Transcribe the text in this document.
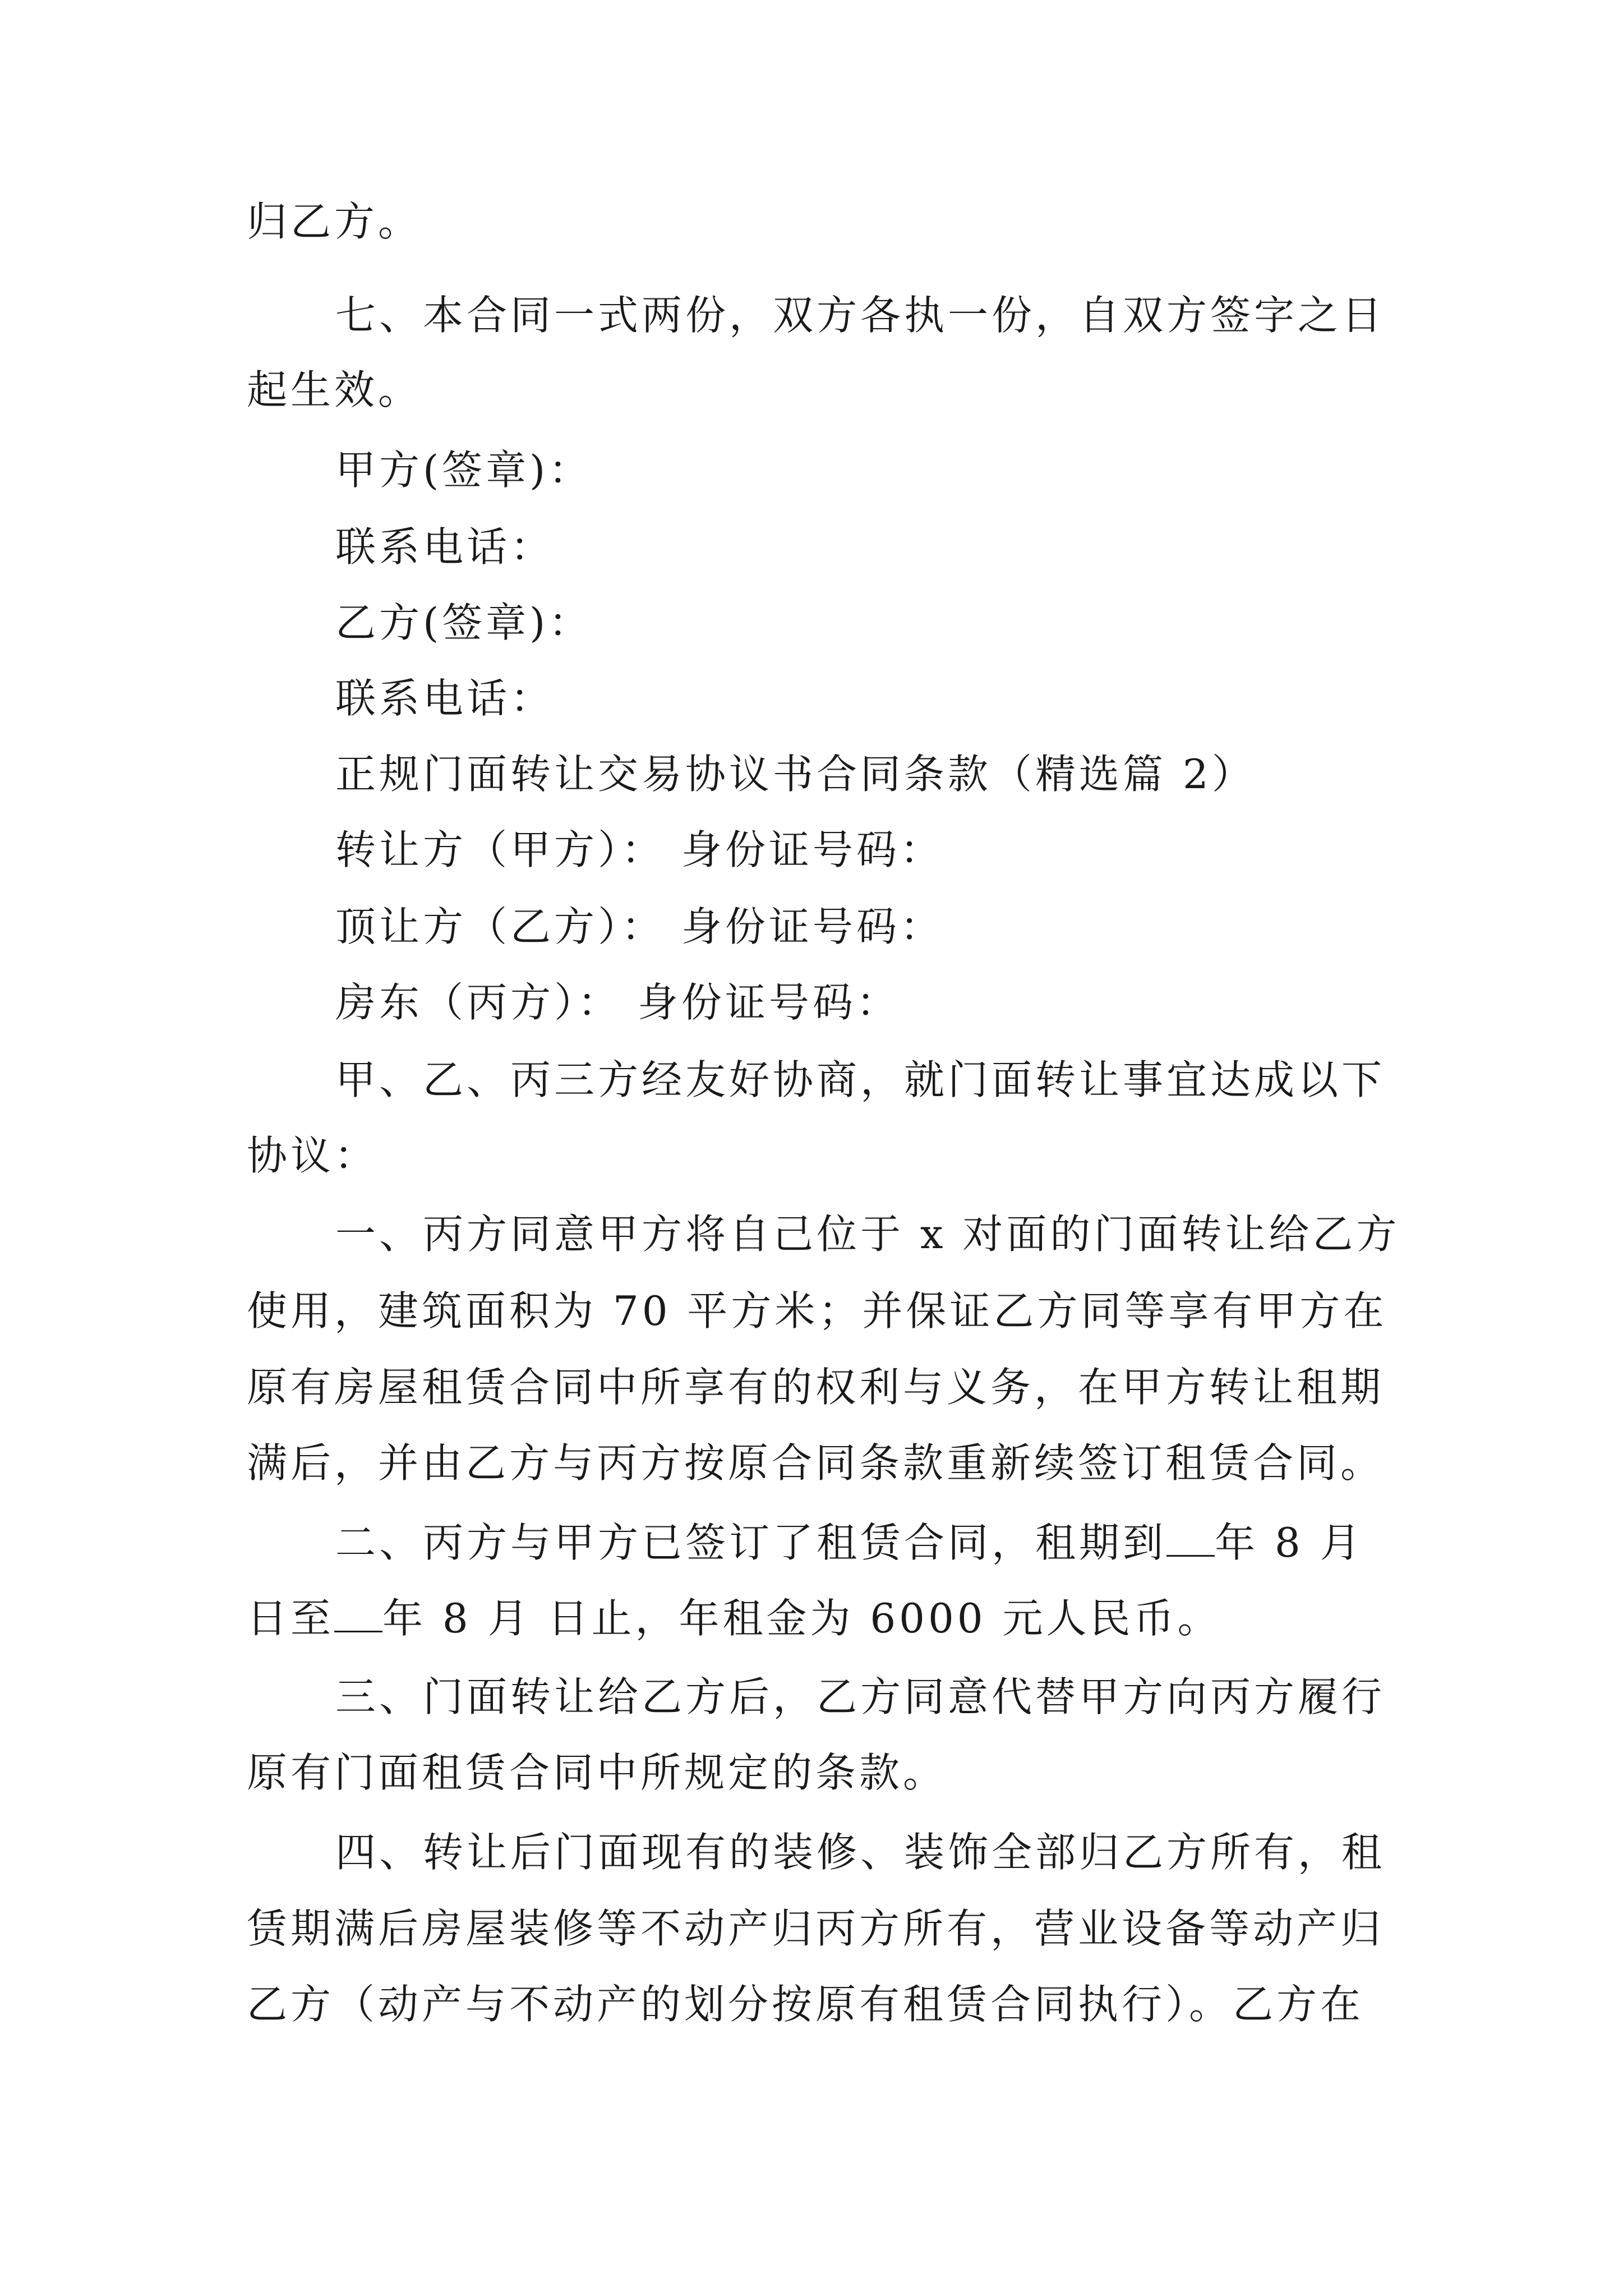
归乙方。
七、本合同一式两份，双方各执一份，自双方签字之日
起生效。
甲方(签章)：
联系电话：
乙方(签章)：
联系电话：
正规门面转让交易协议书合同条款（精选篇 2）
转让方（甲方）： 身份证号码：
顶让方（乙方）： 身份证号码：
房东（丙方）： 身份证号码：
甲、乙、丙三方经友好协商，就门面转让事宜达成以下
协议：
一、丙方同意甲方将自己位于 x 对面的门面转让给乙方
使用，建筑面积为 70 平方米；并保证乙方同等享有甲方在
原有房屋租赁合同中所享有的权利与义务，在甲方转让租期
满后，并由乙方与丙方按原合同条款重新续签订租赁合同。
二、丙方与甲方已签订了租赁合同，租期到 年 8 月
日至 年 8 月 日止，年租金为 6000 元人民币。
三、门面转让给乙方后，乙方同意代替甲方向丙方履行
原有门面租赁合同中所规定的条款。
四、转让后门面现有的装修、装饰全部归乙方所有，租
赁期满后房屋装修等不动产归丙方所有，营业设备等动产归
乙方（动产与不动产的划分按原有租赁合同执行）。乙方在
